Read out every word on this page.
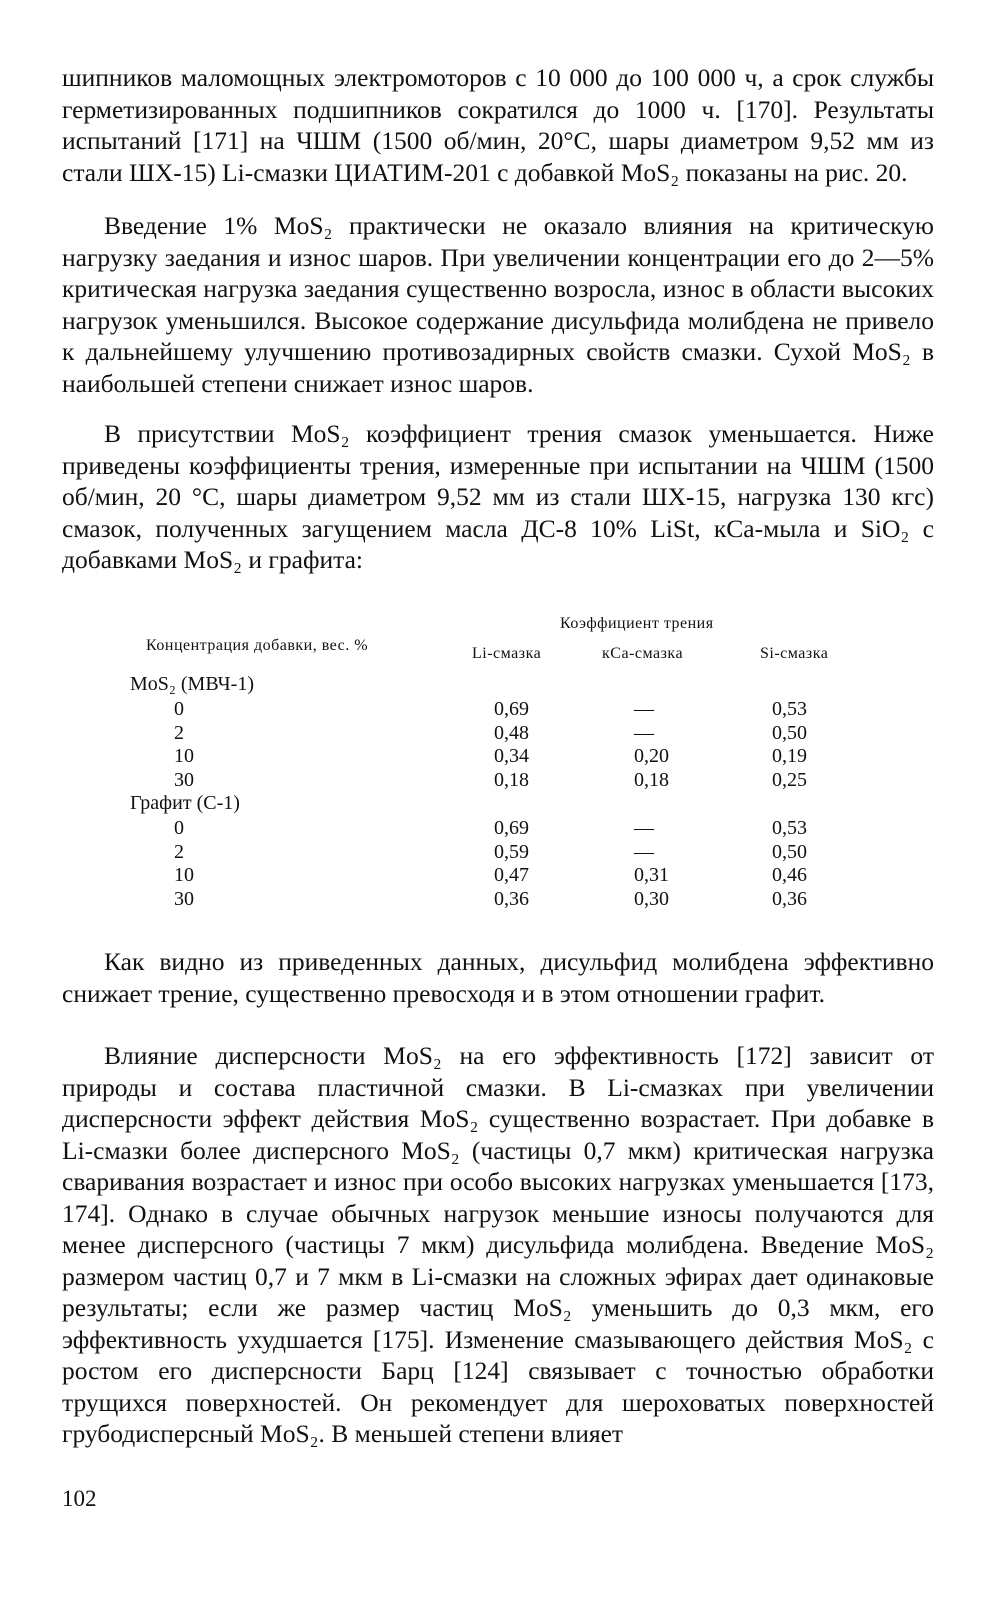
шипников маломощных электромоторов с 10 000 до 100 000 ч, а срок службы герметизированных подшипников сократился до 1000 ч. [170]. Результаты испытаний [171] на ЧШМ (1500 об/мин, 20°C, шары диаметром 9,52 мм из стали ШХ-15) Li-смазки ЦИАТИМ-201 с добавкой MoS₂ показаны на рис. 20.

Введение 1% MoS₂ практически не оказало влияния на критическую нагрузку заедания и износ шаров. При увеличении концентрации его до 2—5% критическая нагрузка заедания существенно возросла, износ в области высоких нагрузок уменьшился. Высокое содержание дисульфида молибдена не привело к дальнейшему улучшению противозадирных свойств смазки. Сухой MoS₂ в наибольшей степени снижает износ шаров.

В присутствии MoS₂ коэффициент трения смазок уменьшается. Ниже приведены коэффициенты трения, измеренные при испытании на ЧШМ (1500 об/мин, 20 °C, шары диаметром 9,52 мм из стали ШХ-15, нагрузка 130 кгс) смазок, полученных загущением масла ДС-8 10% LiSt, кСа-мыла и SiO₂ с добавками MoS₂ и графита:

Концентрация добавки, вес. %
Коэффициент трения
Li-смазка	кСа-смазка	Si-смазка
MoS₂ (МВЧ-1)
0	0,69	—	0,53
2	0,48	—	0,50
10	0,34	0,20	0,19
30	0,18	0,18	0,25
Графит (С-1)
0	0,69	—	0,53
2	0,59	—	0,50
10	0,47	0,31	0,46
30	0,36	0,30	0,36

Как видно из приведенных данных, дисульфид молибдена эффективно снижает трение, существенно превосходя и в этом отношении графит.

Влияние дисперсности MoS₂ на его эффективность [172] зависит от природы и состава пластичной смазки. В Li-смазках при увеличении дисперсности эффект действия MoS₂ существенно возрастает. При добавке в Li-смазки более дисперсного MoS₂ (частицы 0,7 мкм) критическая нагрузка сваривания возрастает и износ при особо высоких нагрузках уменьшается [173, 174]. Однако в случае обычных нагрузок меньшие износы получаются для менее дисперсного (частицы 7 мкм) дисульфида молибдена. Введение MoS₂ размером частиц 0,7 и 7 мкм в Li-смазки на сложных эфирах дает одинаковые результаты; если же размер частиц MoS₂ уменьшить до 0,3 мкм, его эффективность ухудшается [175]. Изменение смазывающего действия MoS₂ с ростом его дисперсности Барц [124] связывает с точностью обработки трущихся поверхностей. Он рекомендует для шероховатых поверхностей грубодисперсный MoS₂. В меньшей степени влияет

102
